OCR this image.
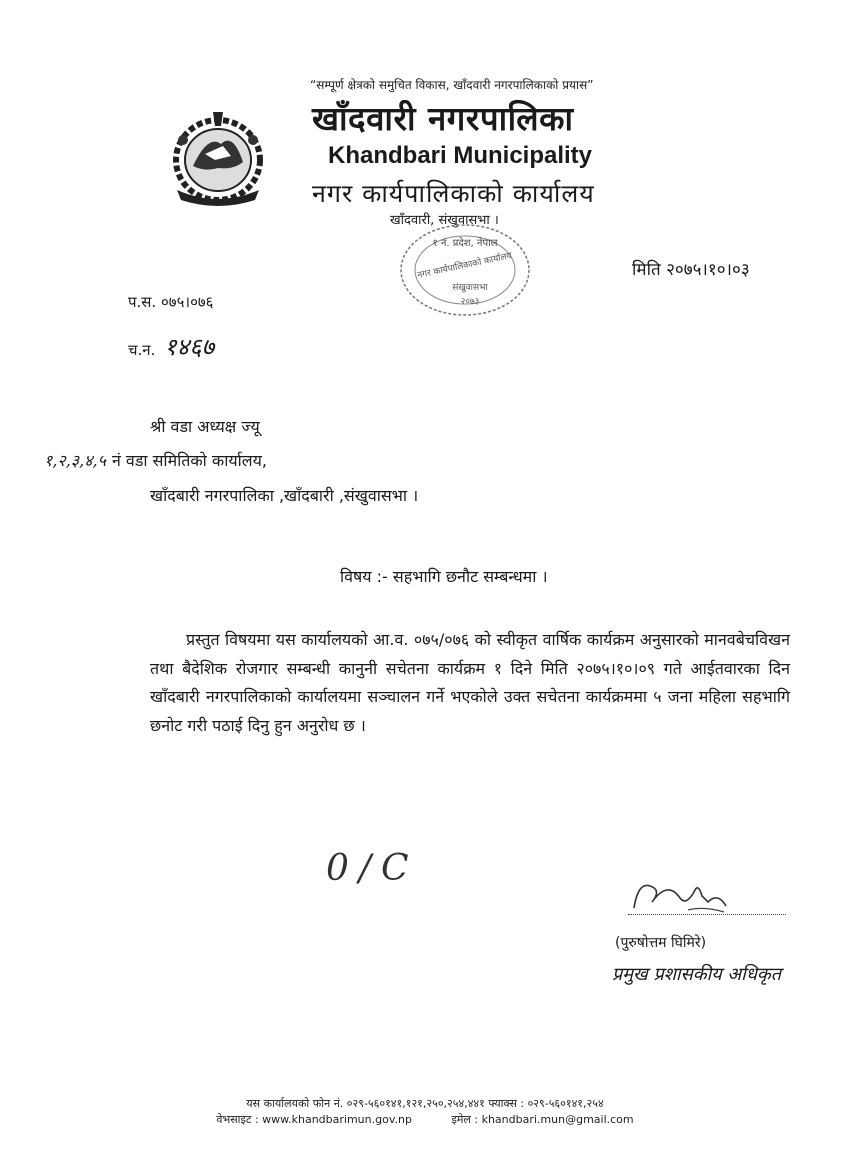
“सम्पूर्ण क्षेत्रको समुचित विकास, खाँदवारी नगरपालिकाको प्रयास”
खाँदवारी नगरपालिका
Khandbari Municipality
नगर कार्यपालिकाको कार्यालय
खाँदवारी, संखुवासभा ।
१ नं. प्रदेश, नेपाल
नगर कार्यपालिकाको कार्यालय
संखुवासभा
२०७३
मिति २०७५।१०।०३
प.स. ०७५।०७६
च.न. १४६७
श्री वडा अध्यक्ष ज्यू
१,२,३,४,५ नं वडा समितिको कार्यालय,
खाँदबारी नगरपालिका ,खाँदबारी ,संखुवासभा ।
विषय :- सहभागि छनौट सम्बन्धमा ।

प्रस्तुत विषयमा यस कार्यालयको आ.व. ०७५/०७६ को स्वीकृत वार्षिक कार्यक्रम अनुसारको मानवबेचविखन तथा बैदेशिक रोजगार सम्बन्धी कानुनी सचेतना कार्यक्रम १ दिने मिति २०७५।१०।०९ गते आईतवारका दिन खाँदबारी नगरपालिकाको कार्यालयमा सञ्चालन गर्ने भएकोले उक्त सचेतना कार्यक्रममा ५ जना महिला सहभागि छनोट गरी पठाई दिनु हुन अनुरोध छ ।

0/C
(पुरुषोत्तम घिमिरे)
प्रमुख प्रशासकीय अधिकृत
यस कार्यालयको फोन नं. ०२९-५६०१४१,१२१,२५०,२५४,४४१ फ्याक्स : ०२९-५६०१४१,२५४
वेभसाइट : www.khandbarimun.gov.np	इमेल : khandbari.mun@gmail.com
